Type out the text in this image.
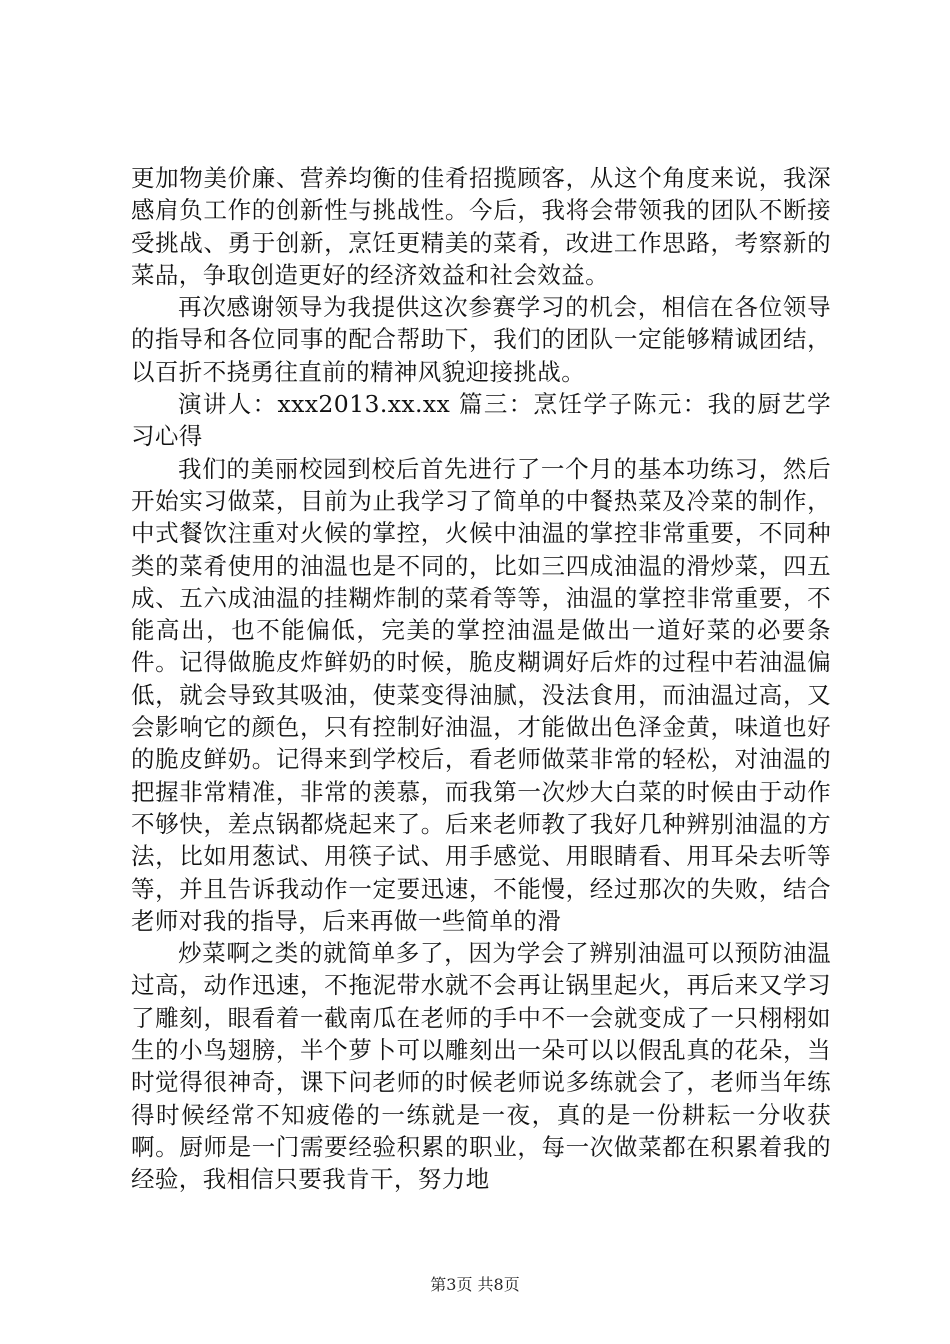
更加物美价廉、营养均衡的佳肴招揽顾客，从这个角度来说，我深感肩负工作的创新性与挑战性。今后，我将会带领我的团队不断接受挑战、勇于创新，烹饪更精美的菜肴，改进工作思路，考察新的菜品，争取创造更好的经济效益和社会效益。

再次感谢领导为我提供这次参赛学习的机会，相信在各位领导的指导和各位同事的配合帮助下，我们的团队一定能够精诚团结，以百折不挠勇往直前的精神风貌迎接挑战。

演讲人：xxx2013.xx.xx 篇三：烹饪学子陈元：我的厨艺学习心得

我们的美丽校园到校后首先进行了一个月的基本功练习，然后开始实习做菜，目前为止我学习了简单的中餐热菜及冷菜的制作，中式餐饮注重对火候的掌控，火候中油温的掌控非常重要，不同种类的菜肴使用的油温也是不同的，比如三四成油温的滑炒菜，四五成、五六成油温的挂糊炸制的菜肴等等，油温的掌控非常重要，不能高出，也不能偏低，完美的掌控油温是做出一道好菜的必要条件。记得做脆皮炸鲜奶的时候，脆皮糊调好后炸的过程中若油温偏低，就会导致其吸油，使菜变得油腻，没法食用，而油温过高，又会影响它的颜色，只有控制好油温，才能做出色泽金黄，味道也好的脆皮鲜奶。记得来到学校后，看老师做菜非常的轻松，对油温的把握非常精准，非常的羡慕，而我第一次炒大白菜的时候由于动作不够快，差点锅都烧起来了。后来老师教了我好几种辨别油温的方法，比如用葱试、用筷子试、用手感觉、用眼睛看、用耳朵去听等等，并且告诉我动作一定要迅速，不能慢，经过那次的失败，结合老师对我的指导，后来再做一些简单的滑

炒菜啊之类的就简单多了，因为学会了辨别油温可以预防油温过高，动作迅速，不拖泥带水就不会再让锅里起火，再后来又学习了雕刻，眼看着一截南瓜在老师的手中不一会就变成了一只栩栩如生的小鸟翅膀，半个萝卜可以雕刻出一朵可以以假乱真的花朵，当时觉得很神奇，课下问老师的时候老师说多练就会了，老师当年练得时候经常不知疲倦的一练就是一夜，真的是一份耕耘一分收获啊。厨师是一门需要经验积累的职业，每一次做菜都在积累着我的经验，我相信只要我肯干，努力地

第3页 共8页
